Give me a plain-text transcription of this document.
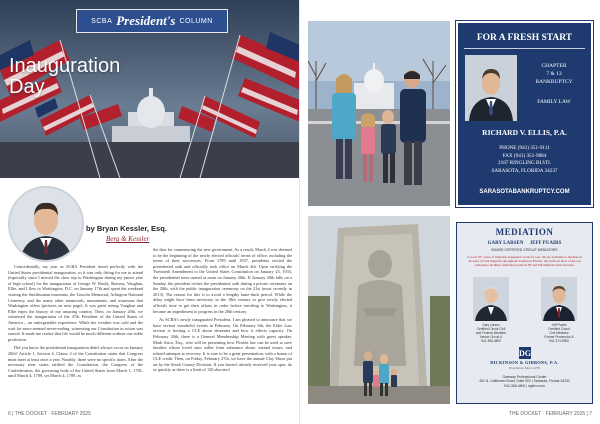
SCBA President's COLUMN
Inauguration
Day
by Bryan Kessler, Esq.
Berg & Kessler

Coincidentally, my year as SCBA President timed perfectly with the United States presidential inauguration, so it was only fitting for me to attend (especially since I missed the class trip to Washington during my junior year of high school) for the inauguration of George W. Bush), Shawna, Vaughan, Ellie, and I flew to Washington, D.C. on January 17th and spent the weekend visiting the Smithsonian museums, the Lincoln Memorial, Arlington National Cemetery, and the many other memorials, monuments, and museums that Washington offers (pictures on next page). It was great seeing Vaughan and Ellie enjoy the history of our amazing country. Then, on January 20th, we witnessed the inauguration of the 47th President of the United States of America – an unforgettable experience. While the weather was cold and the wait for more seemed never-ending, witnessing our Constitution in action was surreal. It made me realize that life would be much different without our noble profession.

Did you know the presidential inauguration didn't always occur on January 20th? Article 1, Section 4, Clause 2 of the Constitution states that Congress must meet at least once a year. Notably, there were no specific dates. After the necessary nine states ratified the Constitution, the Congress of the Confederation, the governing body of the United States from March 1, 1781, until March 4, 1789, set March 4, 1789, as

the date for commencing the new government. As a result, March 4 was deemed to be the beginning of the newly elected officials' terms of office, including the terms of their successors. From 1789 until 1937, presidents recited the presidential oath and officially took office on March 4th. Upon ratifying the Twentieth Amendment to the United States Constitution on January 23, 1933, the presidential term started at noon on January 20th. If January 20th falls on a Sunday, the president recites the presidential oath during a private ceremony on the 20th, with the public inauguration ceremony on the 21st (most recently in 2013). The reason for this is to avoid a lengthy lame-duck period. While the delay might have been necessary in the 18th century to give newly elected officials time to get their affairs in order before traveling to Washington, it became an impediment to progress in the 20th century.

As SCBA's newly inaugurated President, I am pleased to announce that we have several wonderful events in February. On February 6th, the Elder Law section is hosting a CLE about dementia and how it affects capacity. On February 20th, there is a General Membership Meeting with guest speaker, Mark Astor, Esq., who will be presenting how Florida law can be used to save families whose loved ones suffer from substance abuse, mental issues, and related attempts at recovery. It is sure to be a great presentation, with a bonus of CLE credit. Then, on Friday, February 27th, we have the annual Clay Shoot put on by the South County Division. If you haven't already reserved your spot, do so quickly as there is a limit of 120 shooters!

6 | THE DOCKET · FEBRUARY 2025
FOR A FRESH START
CHAPTER
7 & 13
BANKRUPTCY
FAMILY LAW
RICHARD V. ELLIS, P.A.
PHONE (941) 351-9111
FAX (941) 351-9884
2187 RINGLING BLVD.
SARASOTA, FLORIDA 34237
SARASOTABANKRUPTCY.COM
MEDIATION
GARY LARSEN     JEFF PUAIRS
BOARD CERTIFIED CIRCUIT MEDIATORS
Let our 35+ years of litigation experience work for you. We are available to mediate in all areas of civil litigation throughout Southwest Florida. We staff our most of the our conference facilities centrally located in 8T and Plantville Road in Sarasota.
Gary Larsen
Certified Circuit Civil
and Federal Mediator
Venice Circuit &
941-366-4800
Jeff Puairs
Certified Circuit
Civil Mediator
Former Prosecutor &
941-374-9900
DG
DICKINSON & GIBBONS, P.A.
Excellence Since 1978
Gateway Professional Center
401 N. Cattlemen Road, Suite 900 | Sarasota, Florida 34232
941-366-4800 | dgfirm.com
THE DOCKET · FEBRUARY 2025 | 7
